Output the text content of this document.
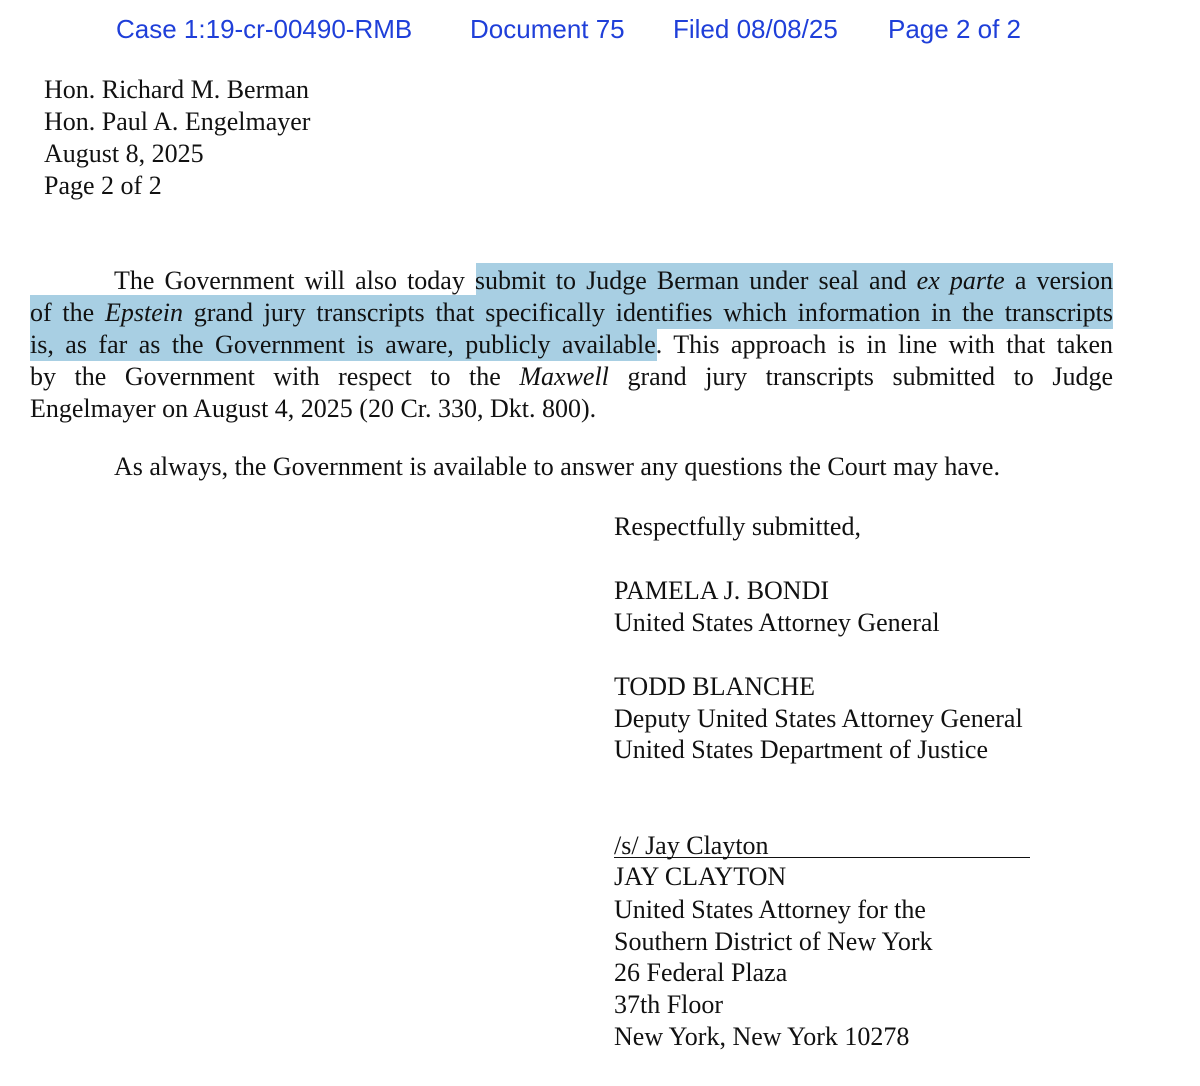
Case 1:19-cr-00490-RMB Document 75 Filed 08/08/25 Page 2 of 2
Hon. Richard M. Berman
Hon. Paul A. Engelmayer
August 8, 2025
Page 2 of 2
The Government will also today submit to Judge Berman under seal and ex parte a version
of the Epstein grand jury transcripts that specifically identifies which information in the transcripts
is, as far as the Government is aware, publicly available. This approach is in line with that taken
by the Government with respect to the Maxwell grand jury transcripts submitted to Judge
Engelmayer on August 4, 2025 (20 Cr. 330, Dkt. 800).
As always, the Government is available to answer any questions the Court may have.
Respectfully submitted,
PAMELA J. BONDI
United States Attorney General
TODD BLANCHE
Deputy United States Attorney General
United States Department of Justice
/s/ Jay Clayton
JAY CLAYTON
United States Attorney for the
Southern District of New York
26 Federal Plaza
37th Floor
New York, New York 10278
